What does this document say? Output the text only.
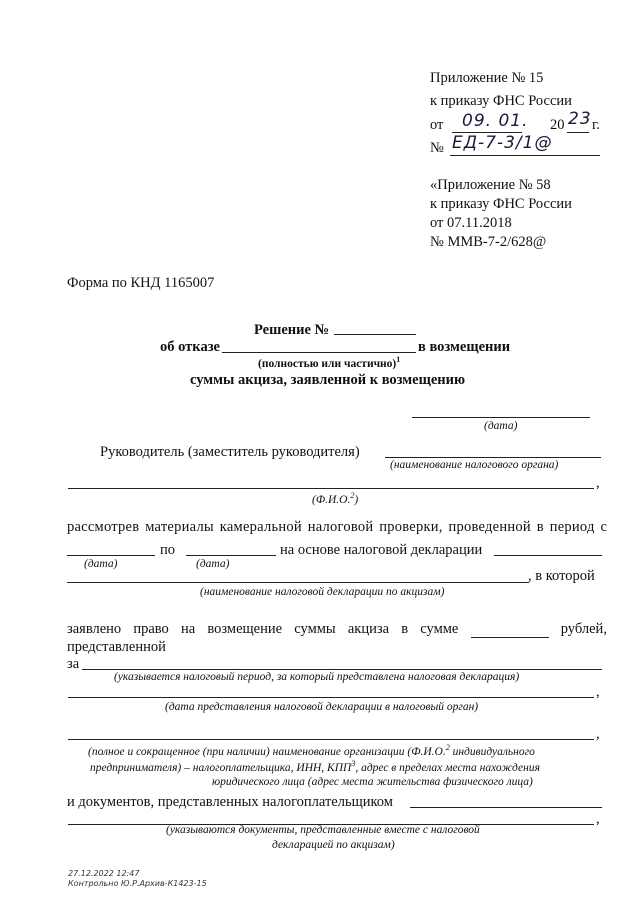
Приложение № 15
к приказу ФНС России
от 09. 01. 20 23 г.
№ ЕД-7-3/1@
«Приложение № 58
к приказу ФНС России
от 07.11.2018
№ ММВ-7-2/628@
Форма по КНД 1165007
Решение №
об отказе	в возмещении
(полностью или частично)$^1$
суммы акциза, заявленной к возмещению
(дата)
Руководитель (заместитель руководителя)
(наименование налогового органа)
,
(Ф.И.О.$^2$)
рассмотрев материалы камеральной налоговой проверки, проведенной в период с
по	на основе налоговой декларации
(дата)	(дата)
, в которой
(наименование налоговой декларации по акцизам)
заявлено право на возмещение суммы акциза в сумме	рублей,
представленной
за
(указывается налоговый период, за который представлена налоговая декларация)
,
(дата представления налоговой декларации в налоговый орган)
,
(полное и сокращенное (при наличии) наименование организации (Ф.И.О.$^2$ индивидуального
предпринимателя) – налогоплательщика, ИНН, КПП$^3$, адрес в пределах места нахождения
юридического лица (адрес места жительства физического лица)
и документов, представленных налогоплательщиком
,
(указываются документы, представленные вместе с налоговой
декларацией по акцизам)
27.12.2022 12:47
Контрольно Ю.Р.Архив-К1423-15
